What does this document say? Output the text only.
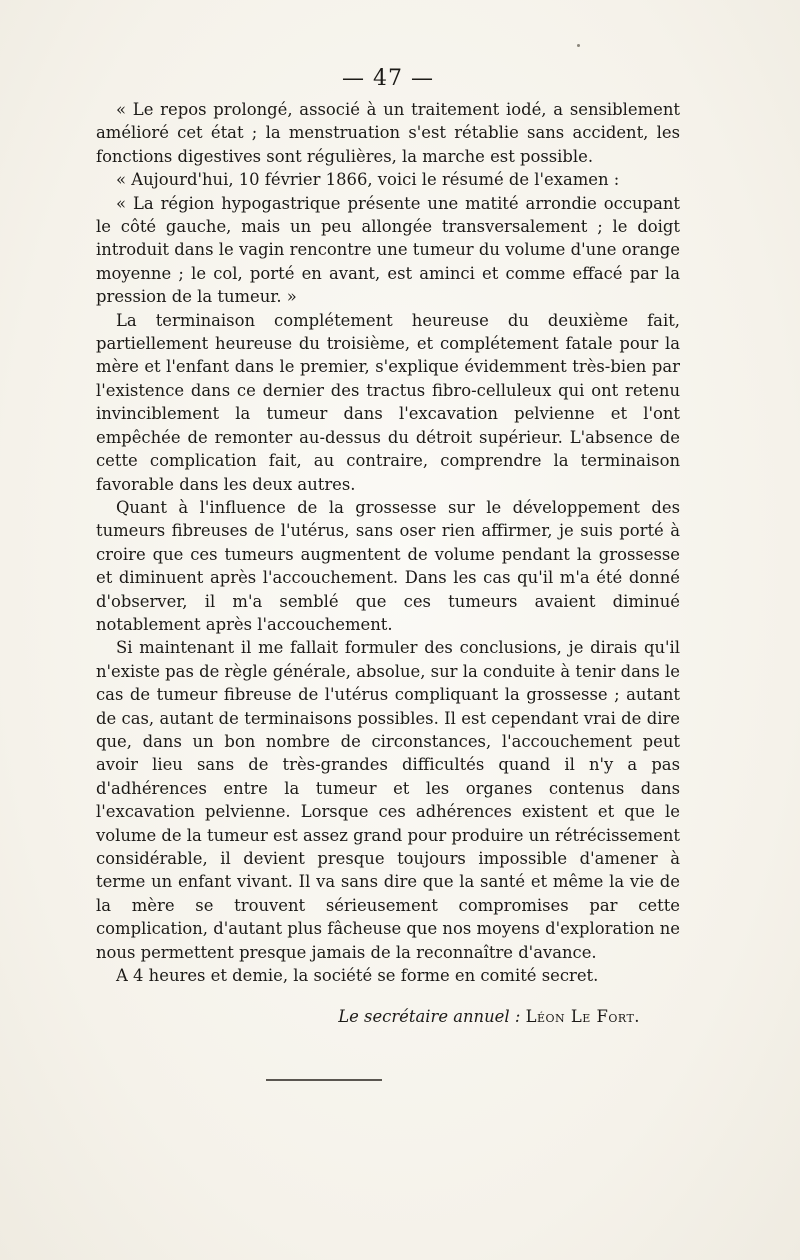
— 47 —

« Le repos prolongé, associé à un traitement iodé, a sensiblement amélioré cet état ; la menstruation s'est rétablie sans accident, les fonctions digestives sont régulières, la marche est possible.

« Aujourd'hui, 10 février 1866, voici le résumé de l'examen :

« La région hypogastrique présente une matité arrondie occupant le côté gauche, mais un peu allongée transversalement ; le doigt introduit dans le vagin rencontre une tumeur du volume d'une orange moyenne ; le col, porté en avant, est aminci et comme effacé par la pression de la tumeur. »

La terminaison complétement heureuse du deuxième fait, partiellement heureuse du troisième, et complétement fatale pour la mère et l'enfant dans le premier, s'explique évidemment très-bien par l'existence dans ce dernier des tractus fibro-celluleux qui ont retenu invinciblement la tumeur dans l'excavation pelvienne et l'ont empêchée de remonter au-dessus du détroit supérieur. L'absence de cette complication fait, au contraire, comprendre la terminaison favorable dans les deux autres.

Quant à l'influence de la grossesse sur le développement des tumeurs fibreuses de l'utérus, sans oser rien affirmer, je suis porté à croire que ces tumeurs augmentent de volume pendant la grossesse et diminuent après l'accouchement. Dans les cas qu'il m'a été donné d'observer, il m'a semblé que ces tumeurs avaient diminué notablement après l'accouchement.

Si maintenant il me fallait formuler des conclusions, je dirais qu'il n'existe pas de règle générale, absolue, sur la conduite à tenir dans le cas de tumeur fibreuse de l'utérus compliquant la grossesse ; autant de cas, autant de terminaisons possibles. Il est cependant vrai de dire que, dans un bon nombre de circonstances, l'accouchement peut avoir lieu sans de très-grandes difficultés quand il n'y a pas d'adhérences entre la tumeur et les organes contenus dans l'excavation pelvienne. Lorsque ces adhérences existent et que le volume de la tumeur est assez grand pour produire un rétrécissement considérable, il devient presque toujours impossible d'amener à terme un enfant vivant. Il va sans dire que la santé et même la vie de la mère se trouvent sérieusement compromises par cette complication, d'autant plus fâcheuse que nos moyens d'exploration ne nous permettent presque jamais de la reconnaître d'avance.

A 4 heures et demie, la société se forme en comité secret.

Le secrétaire annuel : Léon Le Fort.
